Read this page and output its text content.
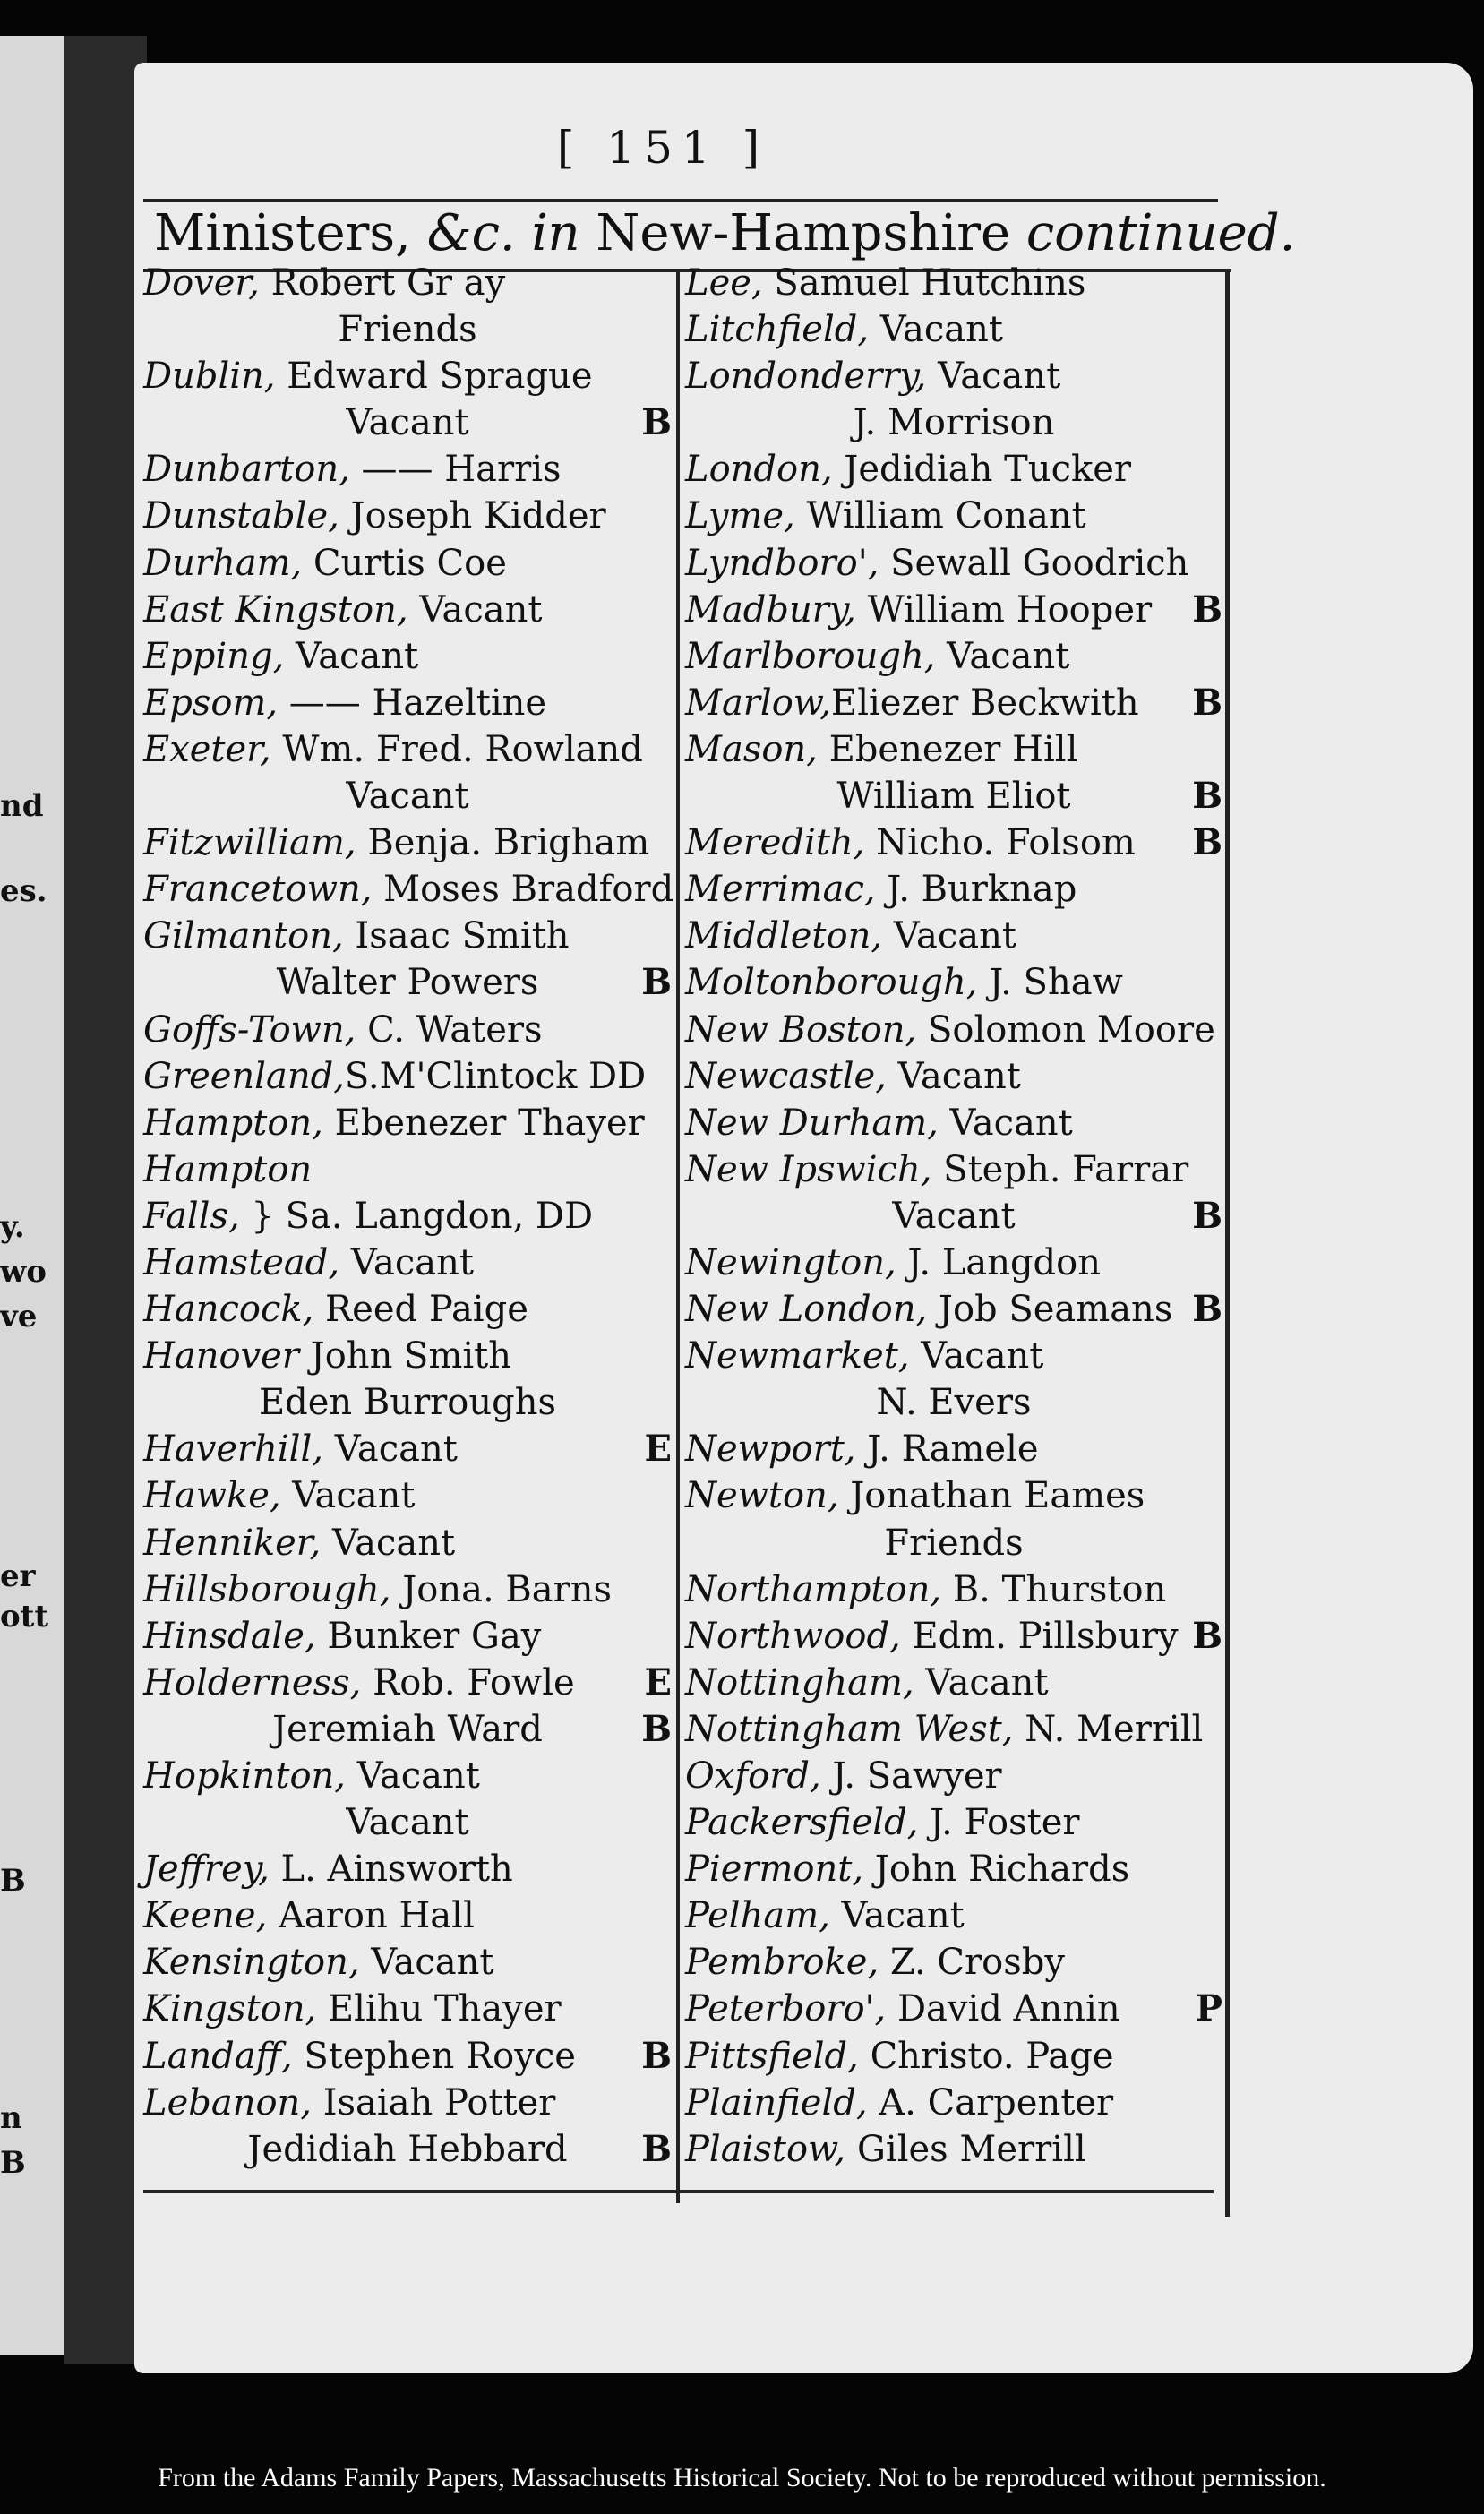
nd
es.
y.
wo
ve
er
ott
B
n
B
[ 151 ]
Ministers, &c. in New-Hampshire continued.
Dover, Robert Gr ay
Friends
Dublin, Edward Sprague
Vacant	B
Dunbarton, —— Harris
Dunstable, Joseph Kidder
Durham, Curtis Coe
East Kingston, Vacant
Epping, Vacant
Epsom, —— Hazeltine
Exeter, Wm. Fred. Rowland
Vacant
Fitzwilliam, Benja. Brigham
Francetown, Moses Bradford
Gilmanton, Isaac Smith
Walter Powers	B
Goffs-Town, C. Waters
Greenland,S.M'Clintock DD
Hampton, Ebenezer Thayer
Hampton
Falls, } Sa. Langdon, DD
Hamstead, Vacant
Hancock, Reed Paige
Hanover John Smith
Eden Burroughs
Haverhill, Vacant	E
Hawke, Vacant
Henniker, Vacant
Hillsborough, Jona. Barns
Hinsdale, Bunker Gay
Holderness, Rob. Fowle E
Jeremiah Ward	B
Hopkinton, Vacant
Vacant
Jeffrey, L. Ainsworth
Keene, Aaron Hall
Kensington, Vacant
Kingston, Elihu Thayer
Landaff, Stephen Royce B
Lebanon, Isaiah Potter
Jedidiah Hebbard B
Lee, Samuel Hutchins
Litchfield, Vacant
Londonderry, Vacant
J. Morrison
London, Jedidiah Tucker
Lyme, William Conant
Lyndboro', Sewall Goodrich
Madbury, William Hooper B
Marlborough, Vacant
Marlow,Eliezer Beckwith B
Mason, Ebenezer Hill
William Eliot	B
Meredith, Nicho. Folsom B
Merrimac, J. Burknap
Middleton, Vacant
Moltonborough, J. Shaw
New Boston, Solomon Moore
Newcastle, Vacant
New Durham, Vacant
New Ipswich, Steph. Farrar
Vacant	B
Newington, J. Langdon
New London, Job Seamans B
Newmarket, Vacant
N. Evers
Newport, J. Ramele
Newton, Jonathan Eames
Friends
Northampton, B. Thurston
Northwood, Edm. Pillsbury B
Nottingham, Vacant
Nottingham West, N. Merrill
Oxford, J. Sawyer
Packersfield, J. Foster
Piermont, John Richards
Pelham, Vacant
Pembroke, Z. Crosby
Peterboro', David Annin P
Pittsfield, Christo. Page
Plainfield, A. Carpenter
Plaistow, Giles Merrill
From the Adams Family Papers, Massachusetts Historical Society. Not to be reproduced without permission.
